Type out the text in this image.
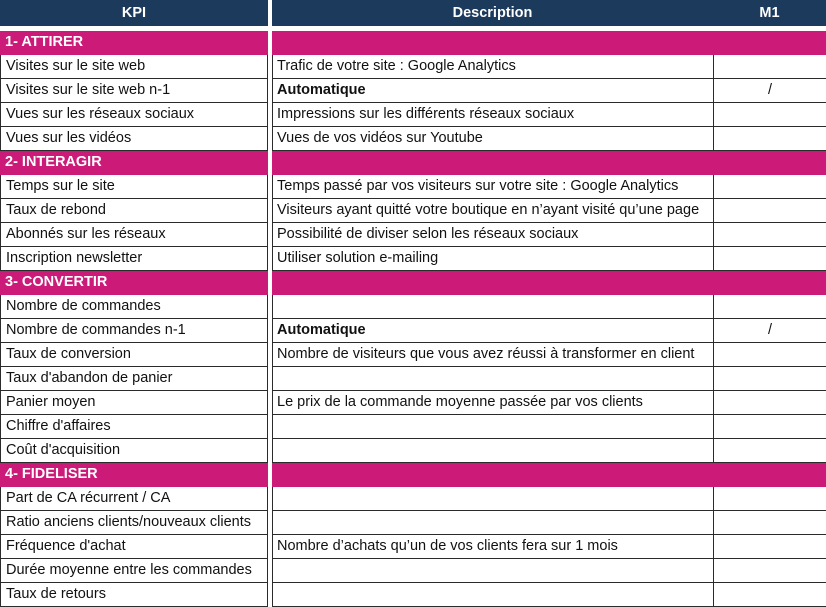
KPI	Description	M1
1- ATTIRER
Visites sur le site web	Trafic de votre site : Google Analytics
Visites sur le site web n-1	Automatique	/
Vues sur les réseaux sociaux	Impressions sur les différents réseaux sociaux
Vues sur les vidéos	Vues de vos vidéos sur Youtube
2- INTERAGIR
Temps sur le site	Temps passé par vos visiteurs sur votre site : Google Analytics
Taux de rebond	Visiteurs ayant quitté votre boutique en n’ayant visité qu’une page
Abonnés sur les réseaux	Possibilité de diviser selon les réseaux sociaux
Inscription newsletter	Utiliser solution e-mailing
3- CONVERTIR
Nombre de commandes
Nombre de commandes n-1	Automatique	/
Taux de conversion	Nombre de visiteurs que vous avez réussi à transformer en client
Taux d'abandon de panier
Panier moyen	Le prix de la commande moyenne passée par vos clients
Chiffre d'affaires
Coût d'acquisition
4- FIDELISER
Part de CA récurrent / CA
Ratio anciens clients/nouveaux clients
Fréquence d'achat	Nombre d’achats qu’un de vos clients fera sur 1 mois
Durée moyenne entre les commandes
Taux de retours
